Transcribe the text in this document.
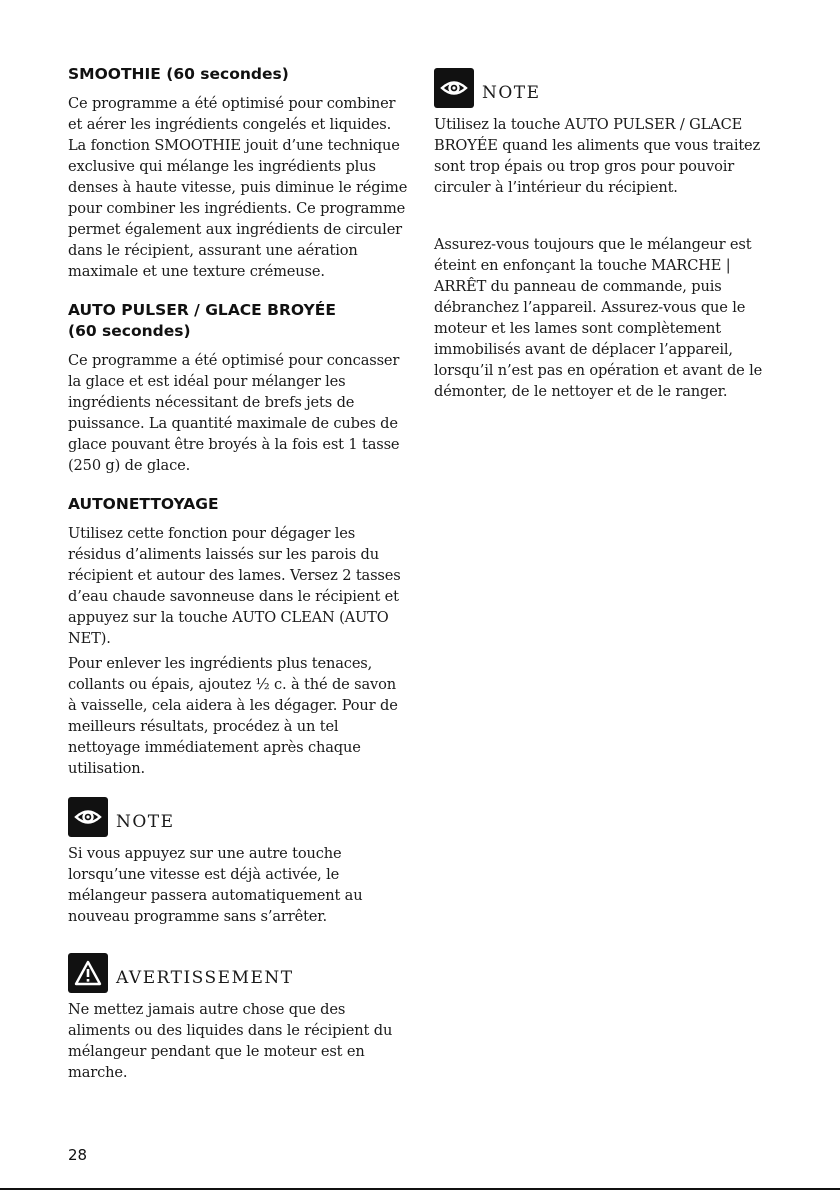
SMOOTHIE (60 secondes)

Ce programme a été optimisé pour combiner et aérer les ingrédients congelés et liquides. La fonction SMOOTHIE jouit d’une technique exclusive qui mélange les ingrédients plus denses à haute vitesse, puis diminue le régime pour combiner les ingrédients. Ce programme permet également aux ingrédients de circuler dans le récipient, assurant une aération maximale et une texture crémeuse.

AUTO PULSER / GLACE BROYÉE (60 secondes)

Ce programme a été optimisé pour concasser la glace et est idéal pour mélanger les ingrédients nécessitant de brefs jets de puissance. La quantité maximale de cubes de glace pouvant être broyés à la fois est 1 tasse (250 g) de glace.

AUTONETTOYAGE

Utilisez cette fonction pour dégager les résidus d’aliments laissés sur les parois du récipient et autour des lames. Versez 2 tasses d’eau chaude savonneuse dans le récipient et appuyez sur la touche AUTO CLEAN (AUTO NET).

Pour enlever les ingrédients plus tenaces, collants ou épais, ajoutez ½ c. à thé de savon à vaisselle, cela aidera à les dégager. Pour de meilleurs résultats, procédez à un tel nettoyage immédiatement après chaque utilisation.

NOTE

Si vous appuyez sur une autre touche lorsqu’une vitesse est déjà activée, le mélangeur passera automatiquement au nouveau programme sans s’arrêter.

AVERTISSEMENT

Ne mettez jamais autre chose que des aliments ou des liquides dans le récipient du mélangeur pendant que le moteur est en marche.

NOTE

Utilisez la touche AUTO PULSER / GLACE BROYÉE quand les aliments que vous traitez sont trop épais ou trop gros pour pouvoir circuler à l’intérieur du récipient.

Assurez-vous toujours que le mélangeur est éteint en enfonçant la touche MARCHE | ARRÊT du panneau de commande, puis débranchez l’appareil. Assurez-vous que le moteur et les lames sont complètement immobilisés avant de déplacer l’appareil, lorsqu’il n’est pas en opération et avant de le démonter, de le nettoyer et de le ranger.

28
